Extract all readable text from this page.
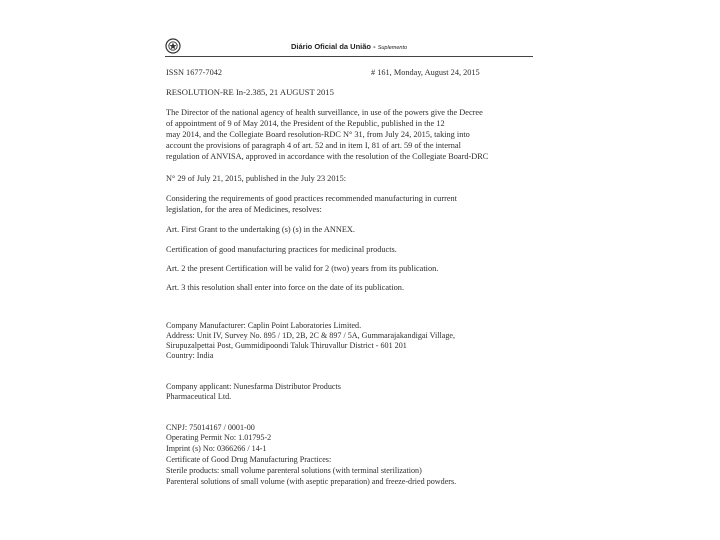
Diário Oficial da União - Suplemento
ISSN 1677-7042	# 161, Monday, August 24, 2015
RESOLUTION-RE In-2.385, 21 AUGUST 2015
The Director of the national agency of health surveillance, in use of the powers give the Decree
of appointment of 9 of May 2014, the President of the Republic, published in the 12
may 2014, and the Collegiate Board resolution-RDC N° 31, from July 24, 2015, taking into
account the provisions of paragraph 4 of art. 52 and in item I, 81 of art. 59 of the internal
regulation of ANVISA, approved in accordance with the resolution of the Collegiate Board-DRC
N° 29 of July 21, 2015, published in the July 23 2015:
Considering the requirements of good practices recommended manufacturing in current
legislation, for the area of Medicines, resolves:
Art. First Grant to the undertaking (s) (s) in the ANNEX.
Certification of good manufacturing practices for medicinal products.
Art. 2 the present Certification will be valid for 2 (two) years from its publication.
Art. 3 this resolution shall enter into force on the date of its publication.
Company Manufacturer: Caplin Point Laboratories Limited.
Address: Unit IV, Survey No. 895 / 1D, 2B, 2C & 897 / 5A, Gummarajakandigai Village,
Sirupuzalpettai Post, Gummidipoondi Taluk Thiruvallur District - 601 201
Country: India
Company applicant: Nunesfarma Distributor Products
Pharmaceutical Ltd.
CNPJ: 75014167 / 0001-00
Operating Permit No: 1.01795-2
Imprint (s) No: 0366266 / 14-1
Certificate of Good Drug Manufacturing Practices:
Sterile products: small volume parenteral solutions (with terminal sterilization)
Parenteral solutions of small volume (with aseptic preparation) and freeze-dried powders.
